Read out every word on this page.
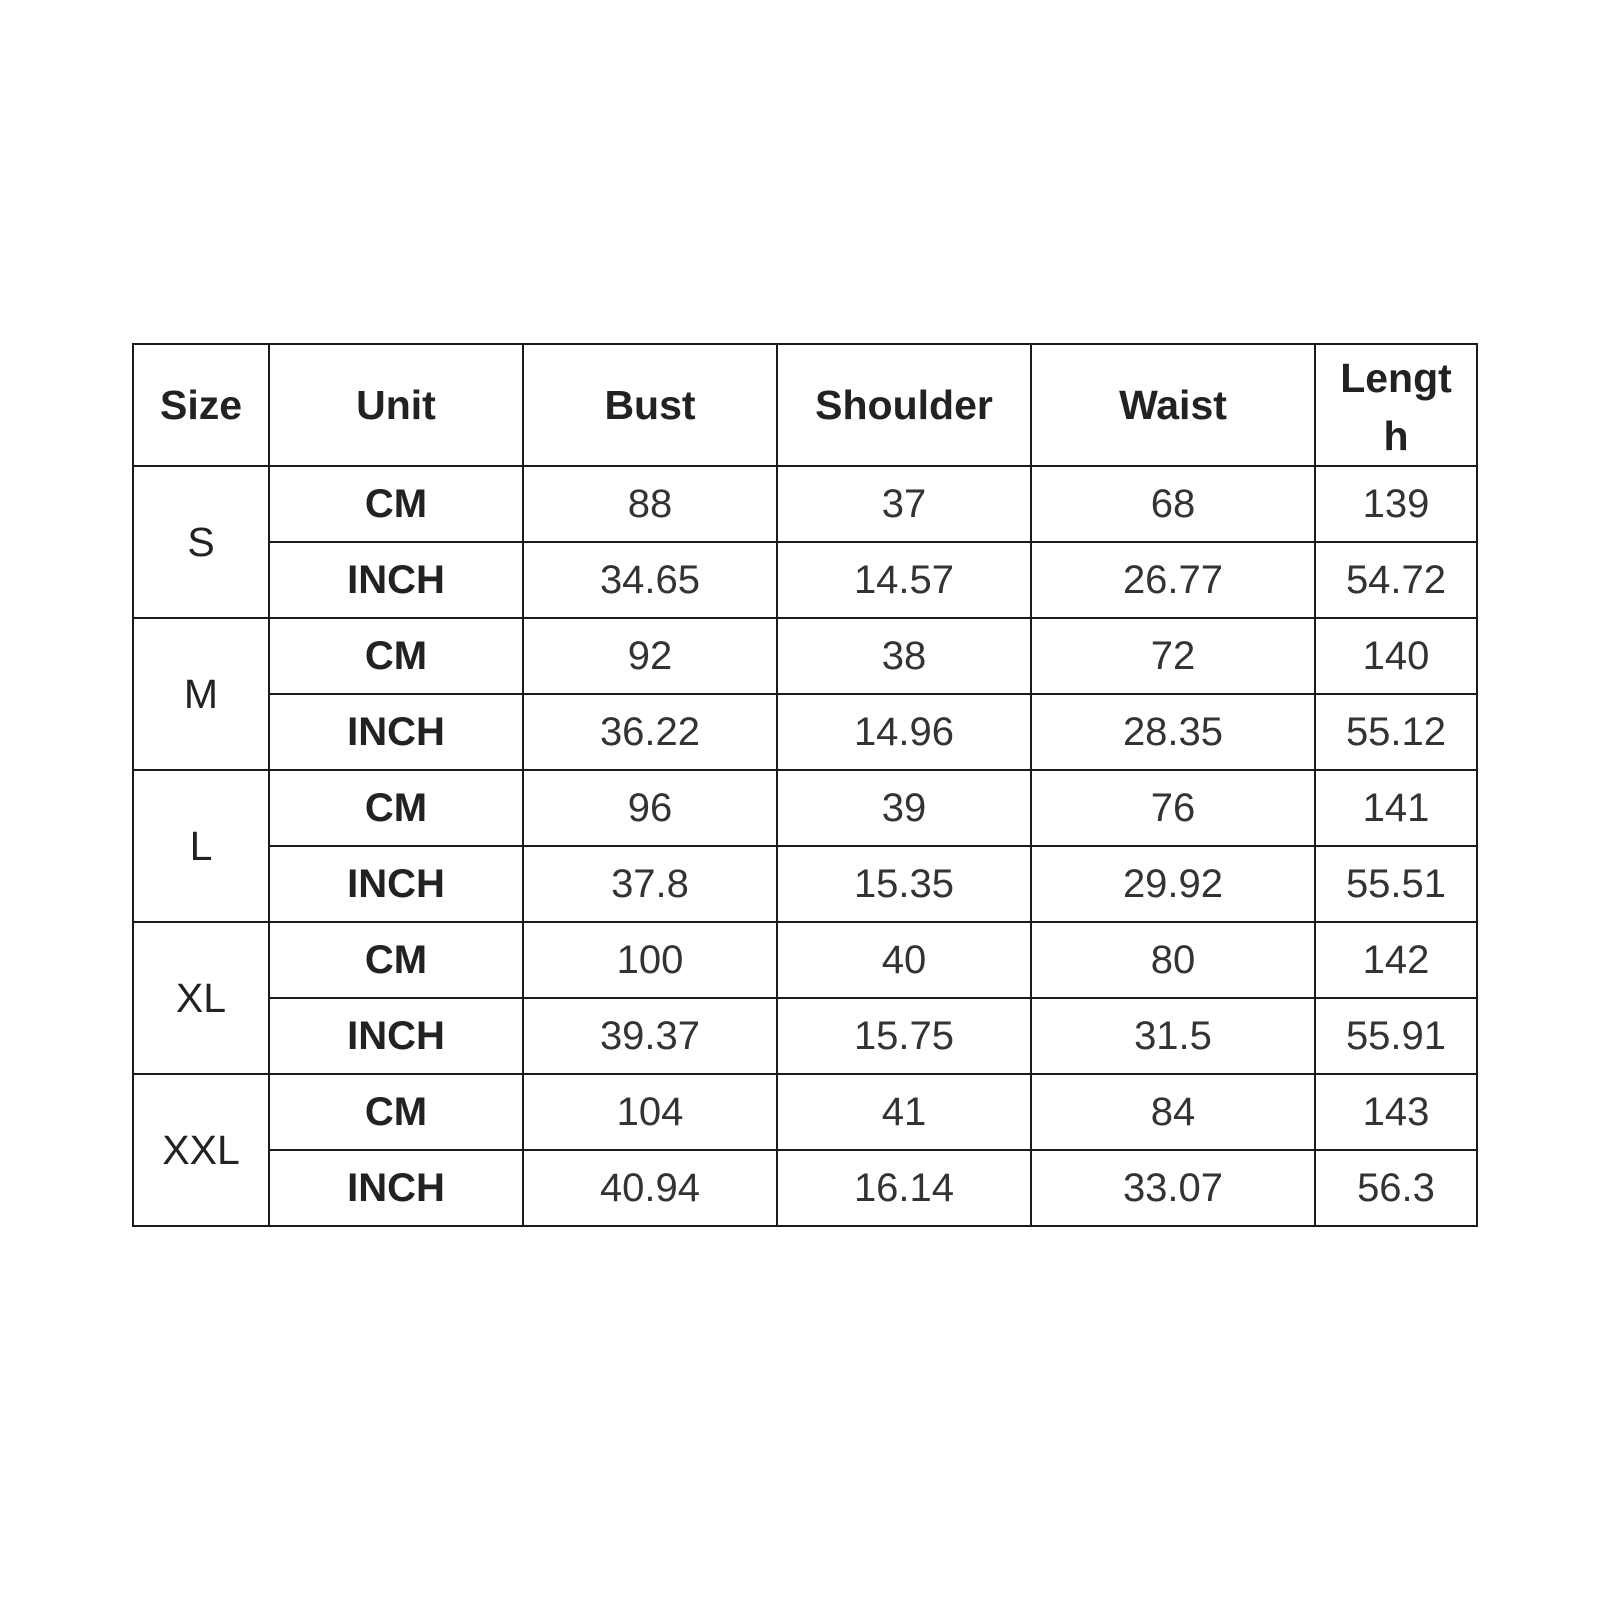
Size	Unit	Bust	Shoulder	Waist	Length

S	CM	88	37	68	139
	INCH	34.65	14.57	26.77	54.72
M	CM	92	38	72	140
	INCH	36.22	14.96	28.35	55.12
L	CM	96	39	76	141
	INCH	37.8	15.35	29.92	55.51
XL	CM	100	40	80	142
	INCH	39.37	15.75	31.5	55.91
XXL	CM	104	41	84	143
	INCH	40.94	16.14	33.07	56.3
